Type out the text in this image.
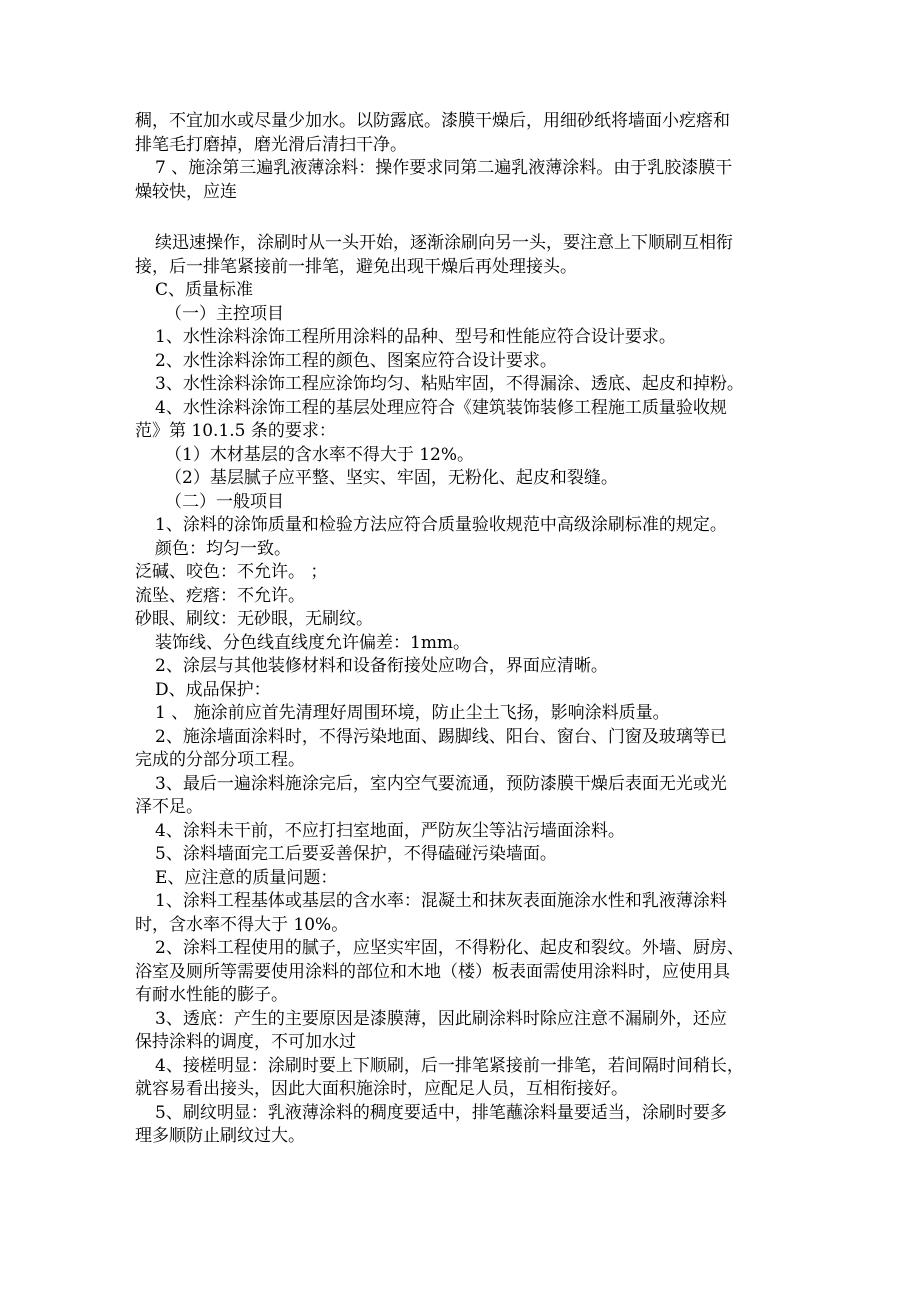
稠，不宜加水或尽量少加水。以防露底。漆膜干燥后，用细砂纸将墙面小疙瘩和
排笔毛打磨掉，磨光滑后清扫干净。
7 、施涂第三遍乳液薄涂料：操作要求同第二遍乳液薄涂料。由于乳胶漆膜干
燥较快，应连
续迅速操作，涂刷时从一头开始，逐渐涂刷向另一头，要注意上下顺刷互相衔
接，后一排笔紧接前一排笔，避免出现干燥后再处理接头。
C、质量标准
（一）主控项目
1、水性涂料涂饰工程所用涂料的品种、型号和性能应符合设计要求。
2、水性涂料涂饰工程的颜色、图案应符合设计要求。
3、水性涂料涂饰工程应涂饰均匀、粘贴牢固，不得漏涂、透底、起皮和掉粉。
4、水性涂料涂饰工程的基层处理应符合《建筑装饰装修工程施工质量验收规
范》第 10.1.5 条的要求：
（1）木材基层的含水率不得大于 12%。
（2）基层腻子应平整、坚实、牢固，无粉化、起皮和裂缝。
（二）一般项目
1、涂料的涂饰质量和检验方法应符合质量验收规范中高级涂刷标准的规定。
颜色：均匀一致。
泛碱、咬色：不允许。 ；
流坠、疙瘩：不允许。
砂眼、刷纹：无砂眼，无刷纹。
装饰线、分色线直线度允许偏差：1mm。
2、涂层与其他装修材料和设备衔接处应吻合，界面应清晰。
D、成品保护：
1 、 施涂前应首先清理好周围环境，防止尘土飞扬，影响涂料质量。
2、施涂墙面涂料时，不得污染地面、踢脚线、阳台、窗台、门窗及玻璃等已
完成的分部分项工程。
3、最后一遍涂料施涂完后，室内空气要流通，预防漆膜干燥后表面无光或光
泽不足。
4、涂料未干前，不应打扫室地面，严防灰尘等沾污墙面涂料。
5、涂料墙面完工后要妥善保护，不得磕碰污染墙面。
E、应注意的质量问题：
1、涂料工程基体或基层的含水率：混凝土和抹灰表面施涂水性和乳液薄涂料
时，含水率不得大于 10%。
2、涂料工程使用的腻子，应坚实牢固，不得粉化、起皮和裂纹。外墙、厨房、
浴室及厕所等需要使用涂料的部位和木地（楼）板表面需使用涂料时，应使用具
有耐水性能的膨子。
3、透底：产生的主要原因是漆膜薄，因此刷涂料时除应注意不漏刷外，还应
保持涂料的调度，不可加水过
4、接槎明显：涂刷时要上下顺刷，后一排笔紧接前一排笔，若间隔时间稍长，
就容易看出接头，因此大面积施涂时，应配足人员，互相衔接好。
5、刷纹明显：乳液薄涂料的稠度要适中，排笔蘸涂料量要适当，涂刷时要多
理多顺防止刷纹过大。
